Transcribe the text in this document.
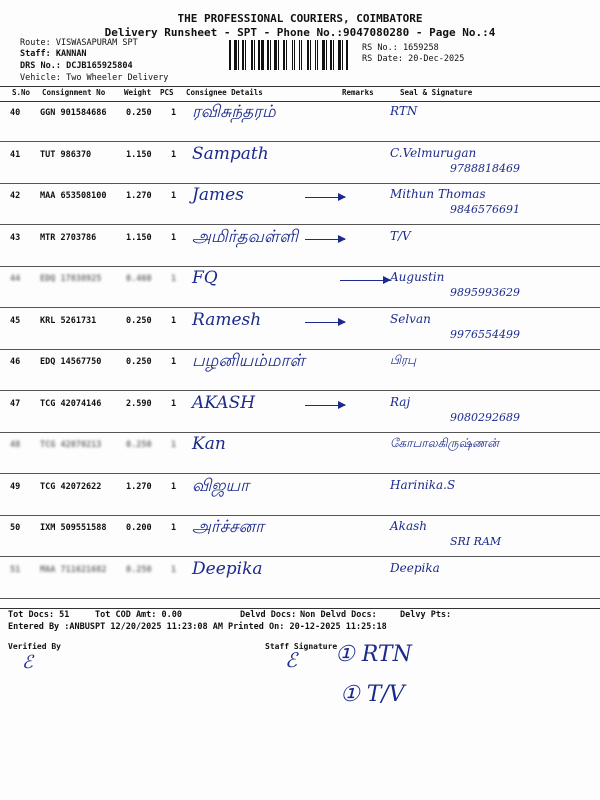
THE PROFESSIONAL COURIERS, COIMBATORE
Delivery Runsheet - SPT - Phone No.:9047080280 - Page No.:4
Route: VISWASAPURAM SPT
Staff: KANNAN
DRS No.: DCJB165925804
Vehicle: Two Wheeler Delivery
RS No.: 1659258
RS Date: 20-Dec-2025
S.No Consignment No	Weight PCS Consignee Details	Remarks	Seal & Signature
40 GGN 901584686 0.250 1 ரவிசுந்தரம்	RTN
41 TUT 986370	1.150 1 Sampath	C.Velmurugan
9788818469
42 MAA 653508100 1.270 1 James	Mithun Thomas
9846576691
43 MTR 2703786	1.150 1 அமிர்தவள்ளி	T/V
44 EDQ 17838925	0.460 1 FQ	Augustin
9895993629
45 KRL 5261731	0.250 1 Ramesh	Selvan
9976554499
46 EDQ 14567750	0.250 1 பழனியம்மாள்	பிரபு
47 TCG 42074146	2.590 1 AKASH	Raj
9080292689
48 TCG 42070213	0.250 1 Kan	கோபாலகிருஷ்ணன்
49 TCG 42072622	1.270 1 விஜயா	Harinika.S
50 IXM 509551588 0.200 1 அர்ச்சனா	Akash
SRI RAM
51 MAA 711621682 0.250 1 Deepika	Deepika
Tot Docs: 51	Tot COD Amt: 0.00	Delvd Docs: Non Delvd Docs:	Delvy Pts:
Entered By :ANBUSPT 12/20/2025 11:23:08 AM Printed On: 20-12-2025 11:25:18
Verified By
ℰ
Staff Signature
ℰ ① RTN
① T/V
